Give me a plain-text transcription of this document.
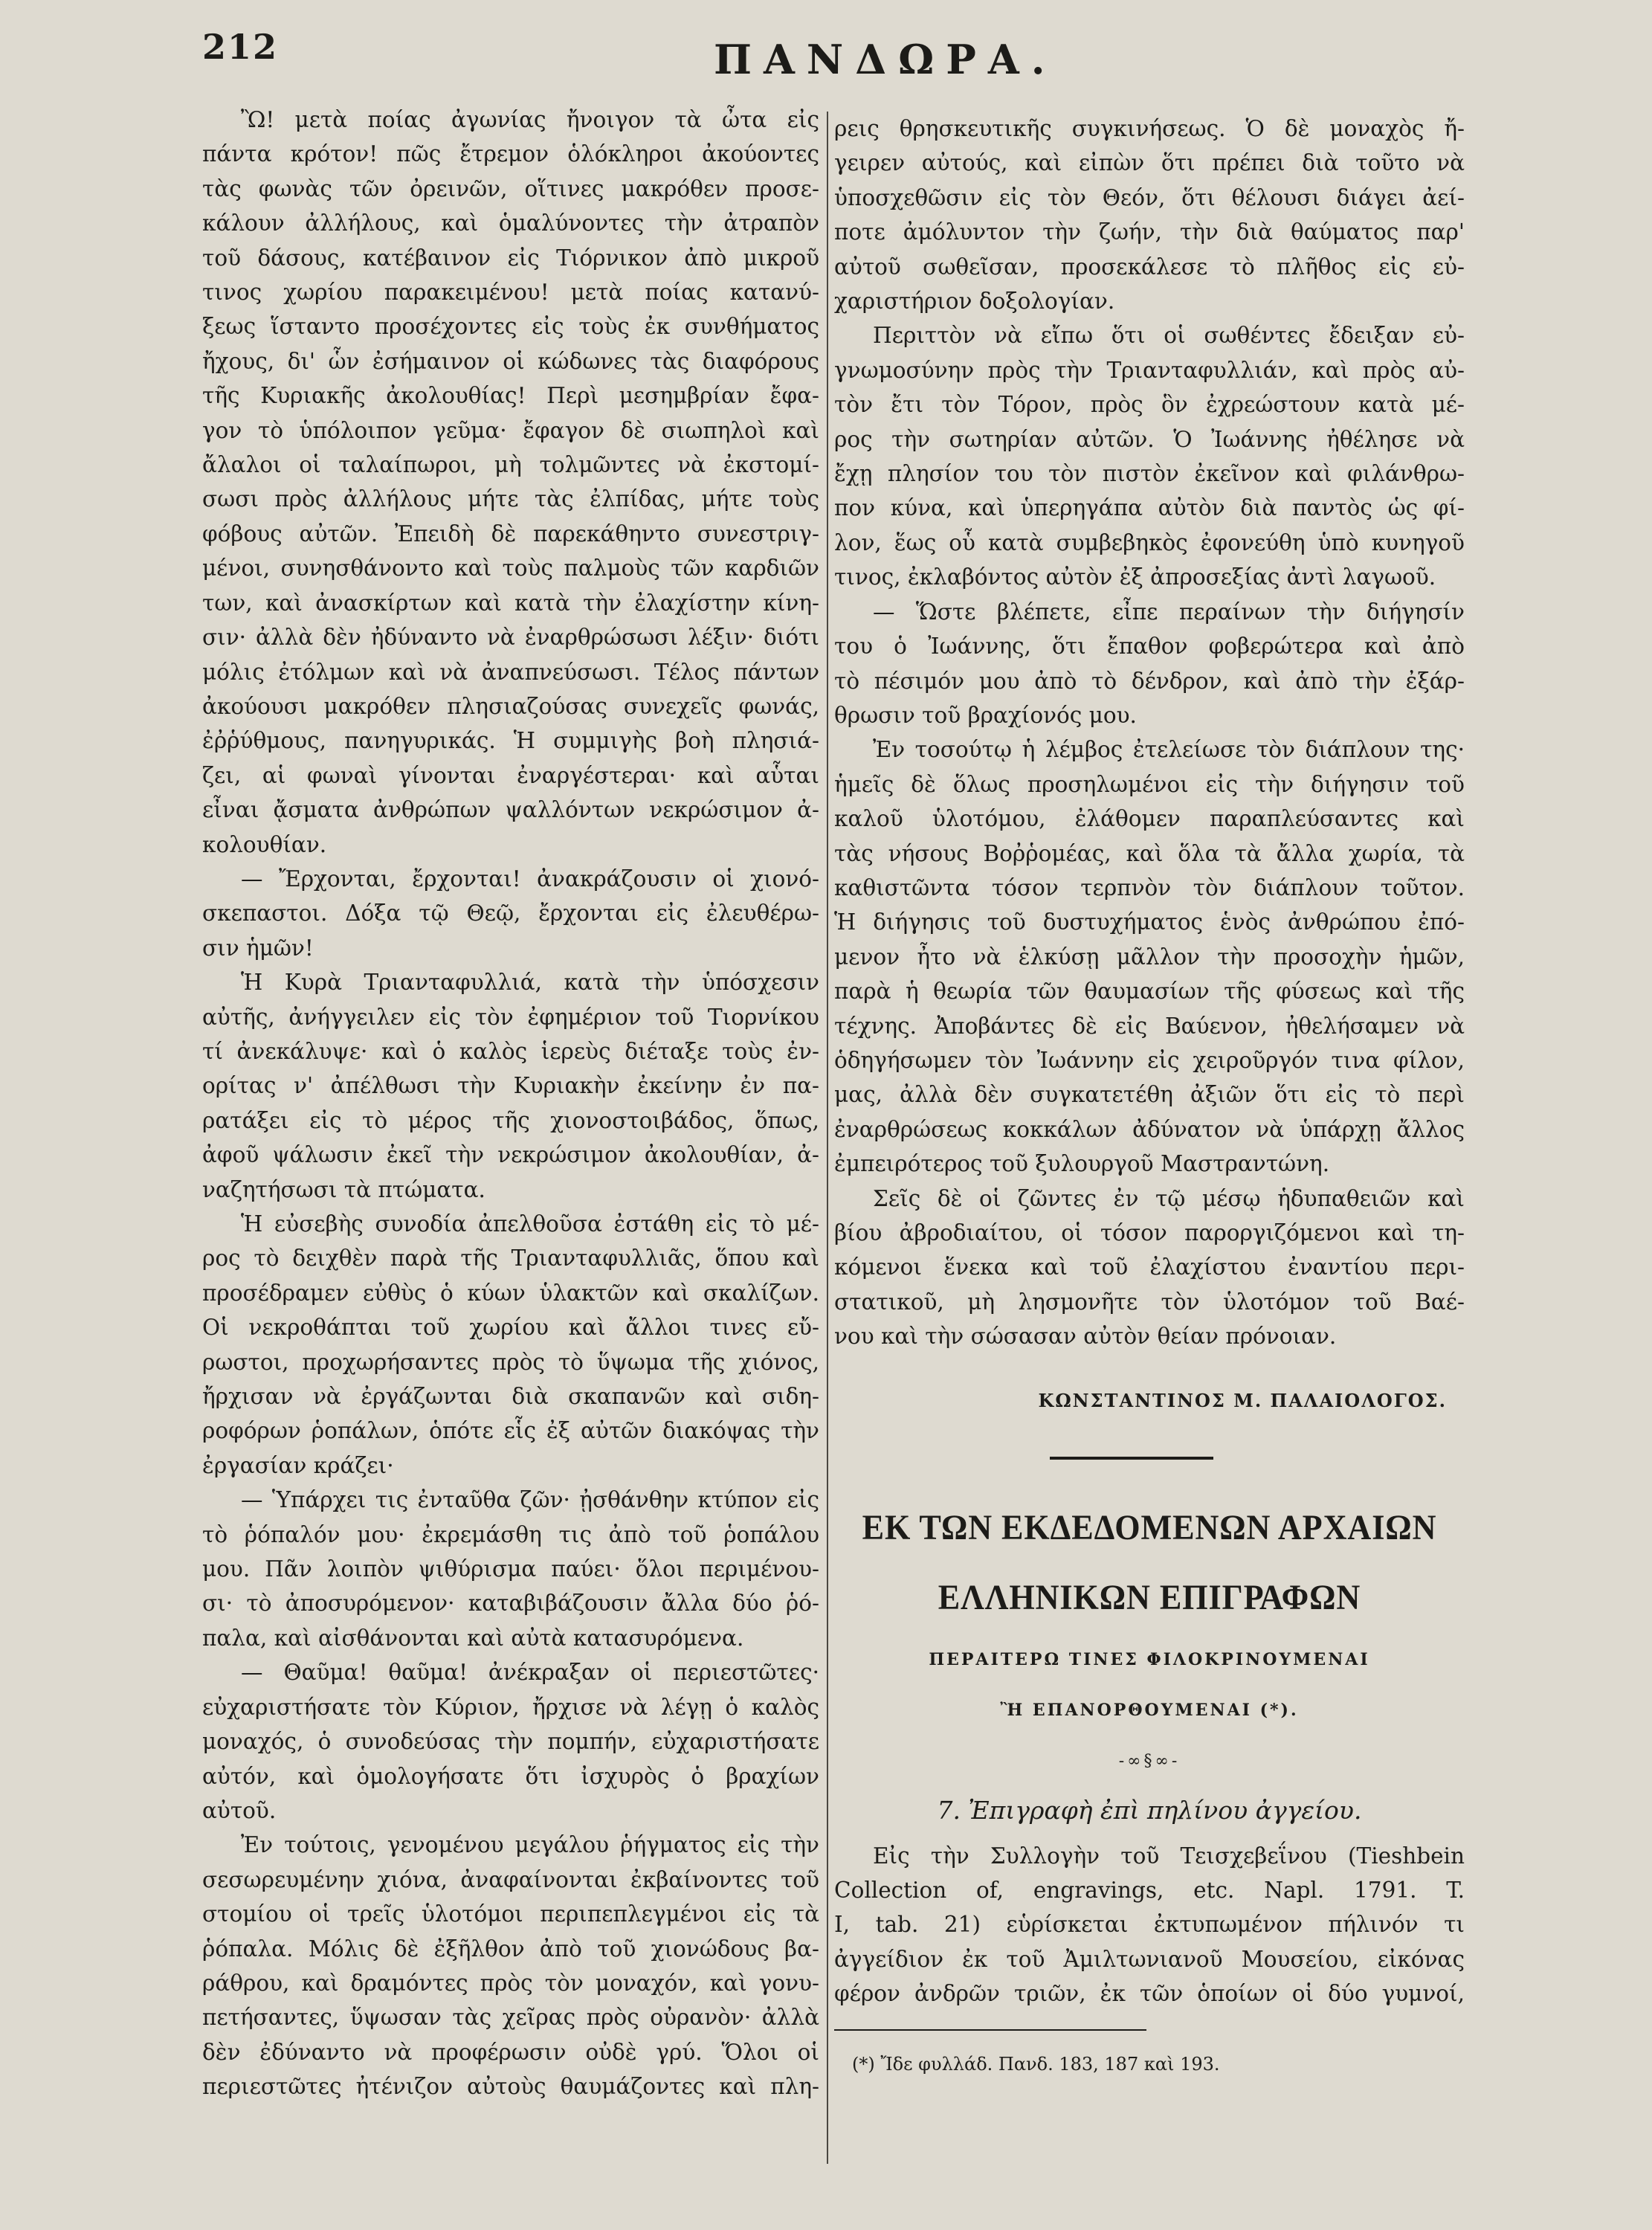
212	ΠΑΝΔΩΡΑ.
Ὢ! μετὰ ποίας ἀγωνίας ἤνοιγον τὰ ὦτα εἰς
πάντα κρότον! πῶς ἔτρεμον ὁλόκληροι ἀκούοντες
τὰς φωνὰς τῶν ὀρεινῶν, οἵτινες μακρόθεν προσε-
κάλουν ἀλλήλους, καὶ ὁμαλύνοντες τὴν ἀτραπὸν
τοῦ δάσους, κατέβαινον εἰς Τιόρνικον ἀπὸ μικροῦ
τινος χωρίου παρακειμένου! μετὰ ποίας κατανύ-
ξεως ἵσταντο προσέχοντες εἰς τοὺς ἐκ συνθήματος
ἤχους, δι' ὧν ἐσήμαινον οἱ κώδωνες τὰς διαφόρους
τῆς Κυριακῆς ἀκολουθίας! Περὶ μεσημβρίαν ἔφα-
γον τὸ ὑπόλοιπον γεῦμα· ἔφαγον δὲ σιωπηλοὶ καὶ
ἄλαλοι οἱ ταλαίπωροι, μὴ τολμῶντες νὰ ἐκστομί-
σωσι πρὸς ἀλλήλους μήτε τὰς ἐλπίδας, μήτε τοὺς
φόβους αὐτῶν. Ἐπειδὴ δὲ παρεκάθηντο συνεστριγ-
μένοι, συνησθάνοντο καὶ τοὺς παλμοὺς τῶν καρδιῶν
των, καὶ ἀνασκίρτων καὶ κατὰ τὴν ἐλαχίστην κίνη-
σιν· ἀλλὰ δὲν ἠδύναντο νὰ ἐναρθρώσωσι λέξιν· διότι
μόλις ἐτόλμων καὶ νὰ ἀναπνεύσωσι. Τέλος πάντων
ἀκούουσι μακρόθεν πλησιαζούσας συνεχεῖς φωνάς,
ἐῤῥύθμους, πανηγυρικάς. Ἡ συμμιγὴς βοὴ πλησιά-
ζει, αἱ φωναὶ γίνονται ἐναργέστεραι· καὶ αὗται
εἶναι ᾄσματα ἀνθρώπων ψαλλόντων νεκρώσιμον ἀ-
κολουθίαν.
— Ἔρχονται, ἔρχονται! ἀνακράζουσιν οἱ χιονό-
σκεπαστοι. Δόξα τῷ Θεῷ, ἔρχονται εἰς ἐλευθέρω-
σιν ἡμῶν!
Ἡ Κυρὰ Τριανταφυλλιά, κατὰ τὴν ὑπόσχεσιν
αὐτῆς, ἀνήγγειλεν εἰς τὸν ἐφημέριον τοῦ Τιορνίκου
τί ἀνεκάλυψε· καὶ ὁ καλὸς ἱερεὺς διέταξε τοὺς ἐν-
ορίτας ν' ἀπέλθωσι τὴν Κυριακὴν ἐκείνην ἐν πα-
ρατάξει εἰς τὸ μέρος τῆς χιονοστοιβάδος, ὅπως,
ἀφοῦ ψάλωσιν ἐκεῖ τὴν νεκρώσιμον ἀκολουθίαν, ἀ-
ναζητήσωσι τὰ πτώματα.
Ἡ εὐσεβὴς συνοδία ἀπελθοῦσα ἐστάθη εἰς τὸ μέ-
ρος τὸ δειχθὲν παρὰ τῆς Τριανταφυλλιᾶς, ὅπου καὶ
προσέδραμεν εὐθὺς ὁ κύων ὑλακτῶν καὶ σκαλίζων.
Οἱ νεκροθάπται τοῦ χωρίου καὶ ἄλλοι τινες εὔ-
ρωστοι, προχωρήσαντες πρὸς τὸ ὕψωμα τῆς χιόνος,
ἤρχισαν νὰ ἐργάζωνται διὰ σκαπανῶν καὶ σιδη-
ροφόρων ῥοπάλων, ὁπότε εἷς ἐξ αὐτῶν διακόψας τὴν
ἐργασίαν κράζει·
— Ὑπάρχει τις ἐνταῦθα ζῶν· ᾐσθάνθην κτύπον εἰς
τὸ ῥόπαλόν μου· ἐκρεμάσθη τις ἀπὸ τοῦ ῥοπάλου
μου. Πᾶν λοιπὸν ψιθύρισμα παύει· ὅλοι περιμένου-
σι· τὸ ἀποσυρόμενον· καταβιβάζουσιν ἄλλα δύο ῥό-
παλα, καὶ αἰσθάνονται καὶ αὐτὰ κατασυρόμενα.
— Θαῦμα! θαῦμα! ἀνέκραξαν οἱ περιεστῶτες·
εὐχαριστήσατε τὸν Κύριον, ἤρχισε νὰ λέγῃ ὁ καλὸς
μοναχός, ὁ συνοδεύσας τὴν πομπήν, εὐχαριστήσατε
αὐτόν, καὶ ὁμολογήσατε ὅτι ἰσχυρὸς ὁ βραχίων
αὐτοῦ.
Ἐν τούτοις, γενομένου μεγάλου ῥήγματος εἰς τὴν
σεσωρευμένην χιόνα, ἀναφαίνονται ἐκβαίνοντες τοῦ
στομίου οἱ τρεῖς ὑλοτόμοι περιπεπλεγμένοι εἰς τὰ
ῥόπαλα. Μόλις δὲ ἐξῆλθον ἀπὸ τοῦ χιονώδους βα-
ράθρου, καὶ δραμόντες πρὸς τὸν μοναχόν, καὶ γονυ-
πετήσαντες, ὕψωσαν τὰς χεῖρας πρὸς οὐρανὸν· ἀλλὰ
δὲν ἐδύναντο νὰ προφέρωσιν οὐδὲ γρύ. Ὅλοι οἱ
περιεστῶτες ἠτένιζον αὐτοὺς θαυμάζοντες καὶ πλη-
ρεις θρησκευτικῆς συγκινήσεως. Ὁ δὲ μοναχὸς ἤ-
γειρεν αὐτούς, καὶ εἰπὼν ὅτι πρέπει διὰ τοῦτο νὰ
ὑποσχεθῶσιν εἰς τὸν Θεόν, ὅτι θέλουσι διάγει ἀεί-
ποτε ἀμόλυντον τὴν ζωήν, τὴν διὰ θαύματος παρ'
αὐτοῦ σωθεῖσαν, προσεκάλεσε τὸ πλῆθος εἰς εὐ-
χαριστήριον δοξολογίαν.
Περιττὸν νὰ εἴπω ὅτι οἱ σωθέντες ἔδειξαν εὐ-
γνωμοσύνην πρὸς τὴν Τριανταφυλλιάν, καὶ πρὸς αὐ-
τὸν ἔτι τὸν Τόρον, πρὸς ὃν ἐχρεώστουν κατὰ μέ-
ρος τὴν σωτηρίαν αὐτῶν. Ὁ Ἰωάννης ἠθέλησε νὰ
ἔχῃ πλησίον του τὸν πιστὸν ἐκεῖνον καὶ φιλάνθρω-
πον κύνα, καὶ ὑπερηγάπα αὐτὸν διὰ παντὸς ὡς φί-
λον, ἕως οὗ κατὰ συμβεβηκὸς ἐφονεύθη ὑπὸ κυνηγοῦ
τινος, ἐκλαβόντος αὐτὸν ἐξ ἀπροσεξίας ἀντὶ λαγωοῦ.
— Ὥστε βλέπετε, εἶπε περαίνων τὴν διήγησίν
του ὁ Ἰωάννης, ὅτι ἔπαθον φοβερώτερα καὶ ἀπὸ
τὸ πέσιμόν μου ἀπὸ τὸ δένδρον, καὶ ἀπὸ τὴν ἐξάρ-
θρωσιν τοῦ βραχίονός μου.
Ἐν τοσούτῳ ἡ λέμβος ἐτελείωσε τὸν διάπλουν της·
ἡμεῖς δὲ ὅλως προσηλωμένοι εἰς τὴν διήγησιν τοῦ
καλοῦ ὑλοτόμου, ἐλάθομεν παραπλεύσαντες καὶ
τὰς νήσους Βοῤῥομέας, καὶ ὅλα τὰ ἄλλα χωρία, τὰ
καθιστῶντα τόσον τερπνὸν τὸν διάπλουν τοῦτον.
Ἡ διήγησις τοῦ δυστυχήματος ἑνὸς ἀνθρώπου ἐπό-
μενον ἦτο νὰ ἑλκύσῃ μᾶλλον τὴν προσοχὴν ἡμῶν,
παρὰ ἡ θεωρία τῶν θαυμασίων τῆς φύσεως καὶ τῆς
τέχνης. Ἀποβάντες δὲ εἰς Βαύενον, ἠθελήσαμεν νὰ
ὁδηγήσωμεν τὸν Ἰωάννην εἰς χειροῦργόν τινα φίλον,
μας, ἀλλὰ δὲν συγκατετέθη ἀξιῶν ὅτι εἰς τὸ περὶ
ἐναρθρώσεως κοκκάλων ἀδύνατον νὰ ὑπάρχῃ ἄλλος
ἐμπειρότερος τοῦ ξυλουργοῦ Μαστραντώνη.
Σεῖς δὲ οἱ ζῶντες ἐν τῷ μέσῳ ἡδυπαθειῶν καὶ
βίου ἀβροδιαίτου, οἱ τόσον παροργιζόμενοι καὶ τη-
κόμενοι ἕνεκα καὶ τοῦ ἐλαχίστου ἐναντίου περι-
στατικοῦ, μὴ λησμονῆτε τὸν ὑλοτόμον τοῦ Βαέ-
νου καὶ τὴν σώσασαν αὐτὸν θείαν πρόνοιαν.
ΚΩΝΣΤΑΝΤΙΝΟΣ Μ. ΠΑΛΑΙΟΛΟΓΟΣ.
ΕΚ ΤΩΝ ΕΚΔΕΔΟΜΕΝΩΝ ΑΡΧΑΙΩΝ
ΕΛΛΗΝΙΚΩΝ ΕΠΙΓΡΑΦΩΝ
ΠΕΡΑΙΤΕΡΩ ΤΙΝΕΣ ΦΙΛΟΚΡΙΝΟΥΜΕΝΑΙ
Ἢ ΕΠΑΝΟΡΘΟΥΜΕΝΑΙ (*).
-∞§∞-
7. Ἐπιγραφὴ ἐπὶ πηλίνου ἀγγείου.
Εἰς τὴν Συλλογὴν τοῦ Τεισχεβεΐνου (Tieshbein
Collection of, engravings, etc. Napl. 1791. T.
I, tab. 21) εὑρίσκεται ἐκτυπωμένον πήλινόν τι
ἀγγείδιον ἐκ τοῦ Ἀμιλτωνιανοῦ Μουσείου, εἰκόνας
φέρον ἀνδρῶν τριῶν, ἐκ τῶν ὁποίων οἱ δύο γυμνοί,
(*) Ἴδε φυλλάδ. Πανδ. 183, 187 καὶ 193.
